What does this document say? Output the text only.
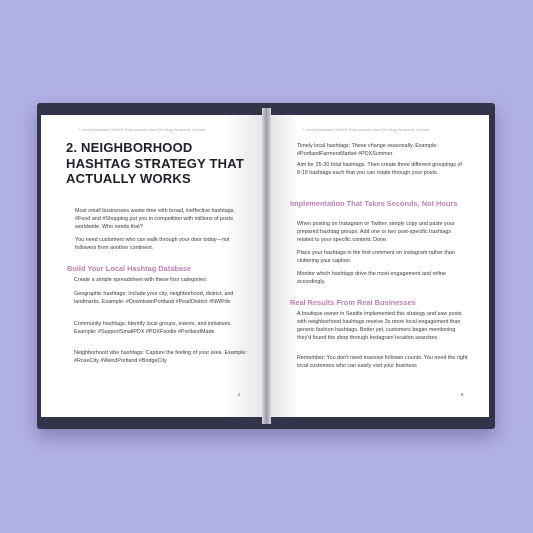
7 Local Marketing Tactics That Actually Work for Busy Business Owners
2. NEIGHBORHOOD HASHTAG STRATEGY THAT ACTUALLY WORKS
Most small businesses waste time with broad, ineffective hashtags. #Food and #Shopping put you in competition with millions of posts worldwide. Who needs that?
You need customers who can walk through your door today—not followers from another continent.
Build Your Local Hashtag Database
Create a simple spreadsheet with these four categories:
Geographic hashtags: Include your city, neighborhood, district, and landmarks. Example: #DowntownPortland #PearlDistrict #NWPdx
Community hashtags: Identify local groups, events, and initiatives. Example: #SupportSmallPDX #PDXFoodie #PortlandMade
Neighborhood vibe hashtags: Capture the feeling of your area. Example: #RoseCity #WeirdPortland #BridgeCity
4
7 Local Marketing Tactics That Actually Work for Busy Business Owners
Timely local hashtags: These change seasonally. Example: #PortlandFarmersMarket #PDXSummer
Aim for 25-30 total hashtags. Then create three different groupings of 8-10 hashtags each that you can rotate through your posts.
Implementation That Takes Seconds, Not Hours
When posting on Instagram or Twitter, simply copy and paste your prepared hashtag groups. Add one or two post-specific hashtags related to your specific content. Done.
Place your hashtags in the first comment on Instagram rather than cluttering your caption.
Monitor which hashtags drive the most engagement and refine accordingly.
Real Results From Real Businesses
A boutique owner in Seattle implemented this strategy and saw posts with neighborhood hashtags receive 3x more local engagement than generic fashion hashtags. Better yet, customers began mentioning they'd found the shop through Instagram location searches.
Remember: You don't need massive follower counts. You need the right local customers who can easily visit your business
5
